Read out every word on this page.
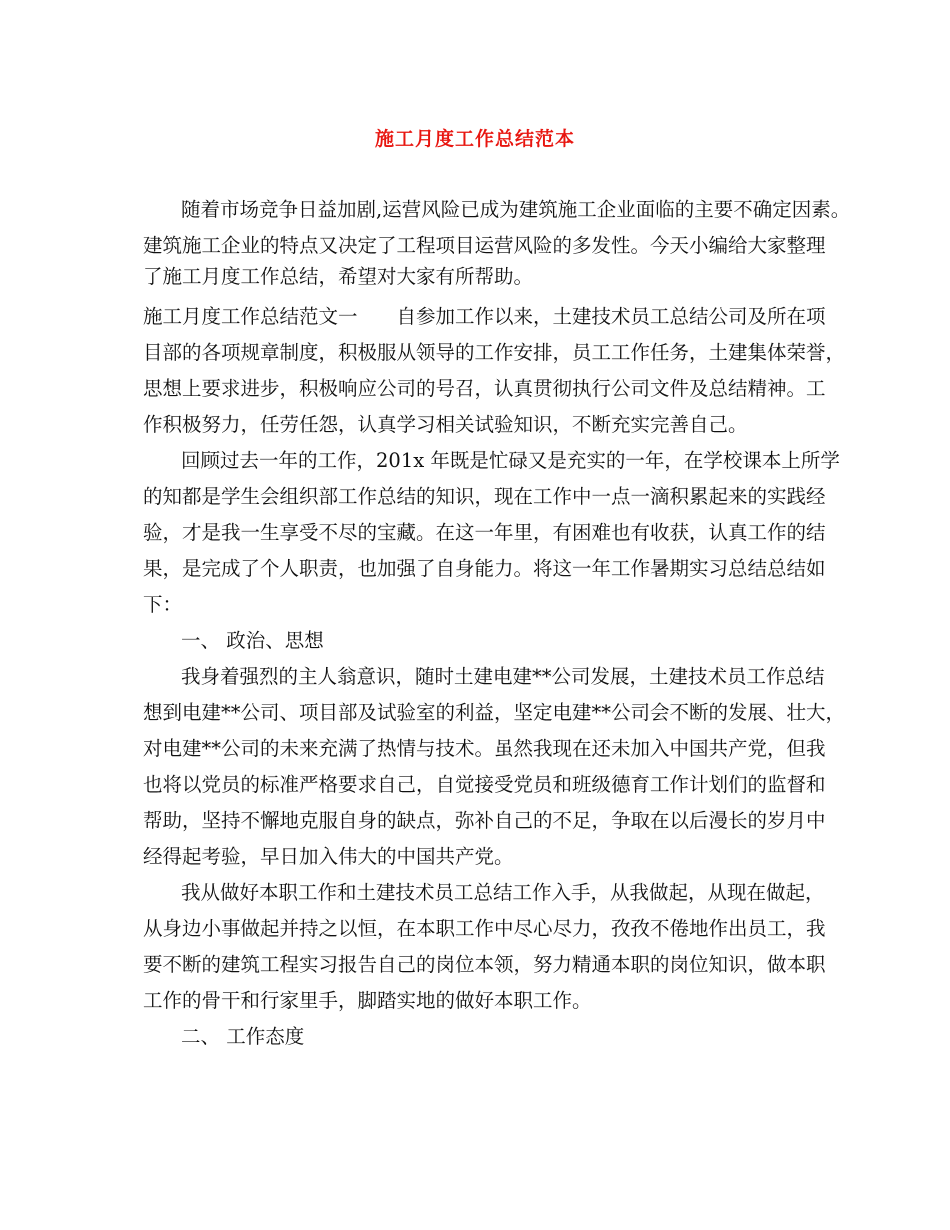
施工月度工作总结范本
随着市场竞争日益加剧,运营风险已成为建筑施工企业面临的主要不确定因素。
建筑施工企业的特点又决定了工程项目运营风险的多发性。今天小编给大家整理
了施工月度工作总结，希望对大家有所帮助。
施工月度工作总结范文一　　自参加工作以来，土建技术员工总结公司及所在项
目部的各项规章制度，积极服从领导的工作安排，员工工作任务，土建集体荣誉，
思想上要求进步，积极响应公司的号召，认真贯彻执行公司文件及总结精神。工
作积极努力，任劳任怨，认真学习相关试验知识，不断充实完善自己。
回顾过去一年的工作，201x 年既是忙碌又是充实的一年，在学校课本上所学
的知都是学生会组织部工作总结的知识，现在工作中一点一滴积累起来的实践经
验，才是我一生享受不尽的宝藏。在这一年里，有困难也有收获，认真工作的结
果，是完成了个人职责，也加强了自身能力。将这一年工作暑期实习总结总结如
下：
一、 政治、思想
我身着强烈的主人翁意识，随时土建电建**公司发展，土建技术员工作总结
想到电建**公司、项目部及试验室的利益，坚定电建**公司会不断的发展、壮大，
对电建**公司的未来充满了热情与技术。虽然我现在还未加入中国共产党，但我
也将以党员的标准严格要求自己，自觉接受党员和班级德育工作计划们的监督和
帮助，坚持不懈地克服自身的缺点，弥补自己的不足，争取在以后漫长的岁月中
经得起考验，早日加入伟大的中国共产党。
我从做好本职工作和土建技术员工总结工作入手，从我做起，从现在做起，
从身边小事做起并持之以恒，在本职工作中尽心尽力，孜孜不倦地作出员工，我
要不断的建筑工程实习报告自己的岗位本领，努力精通本职的岗位知识，做本职
工作的骨干和行家里手，脚踏实地的做好本职工作。
二、 工作态度
